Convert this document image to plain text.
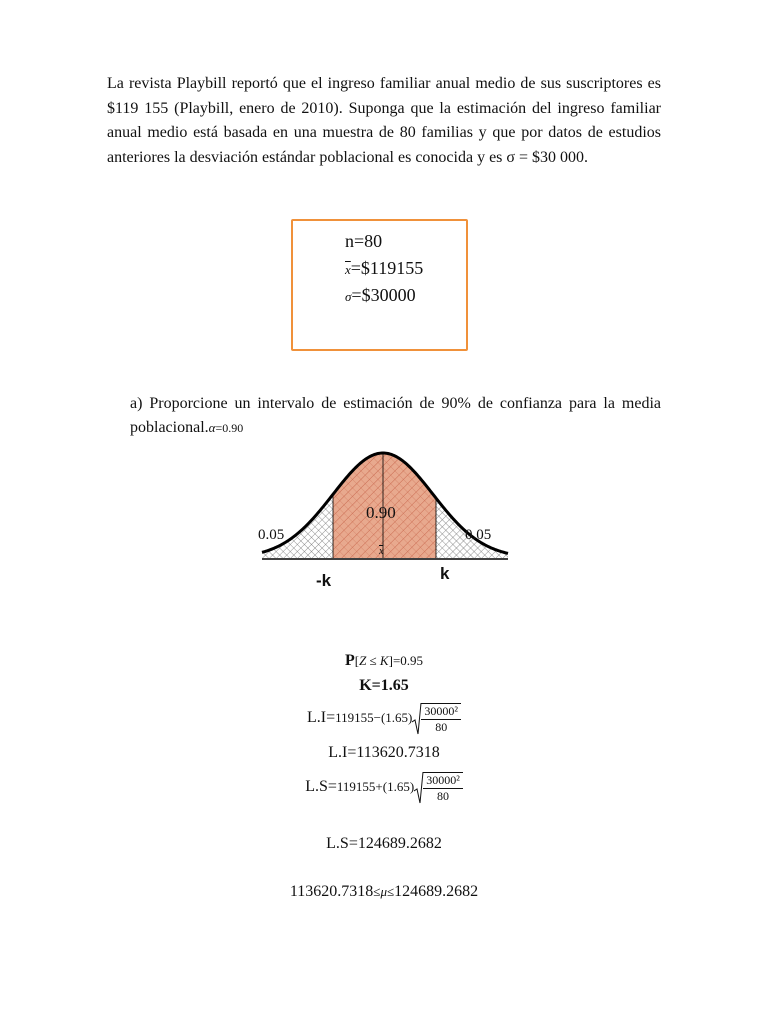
La revista Playbill reportó que el ingreso familiar anual medio de sus suscriptores es $119 155 (Playbill, enero de 2010). Suponga que la estimación del ingreso familiar anual medio está basada en una muestra de 80 familias y que por datos de estudios anteriores la desviación estándar poblacional es conocida y es σ = $30 000.
n=80
$\overline{x}=\$119155$
σ=$30000
a) Proporcione un intervalo de estimación de 90% de confianza para la media poblacional.α=0.90
0.05	0.05
0.90
$\overline{x}$
-k	k
P[Z ≤ K]=0.95
K=1.65
$L.I=119155-(1.65) \frac{\text{30000²}}{80}$
L.I=113620.7318
$L.S=119155+(1.65) \frac{\text{30000²}}{80}$
L.S=124689.2682
113620.7318≤μ≤124689.2682
